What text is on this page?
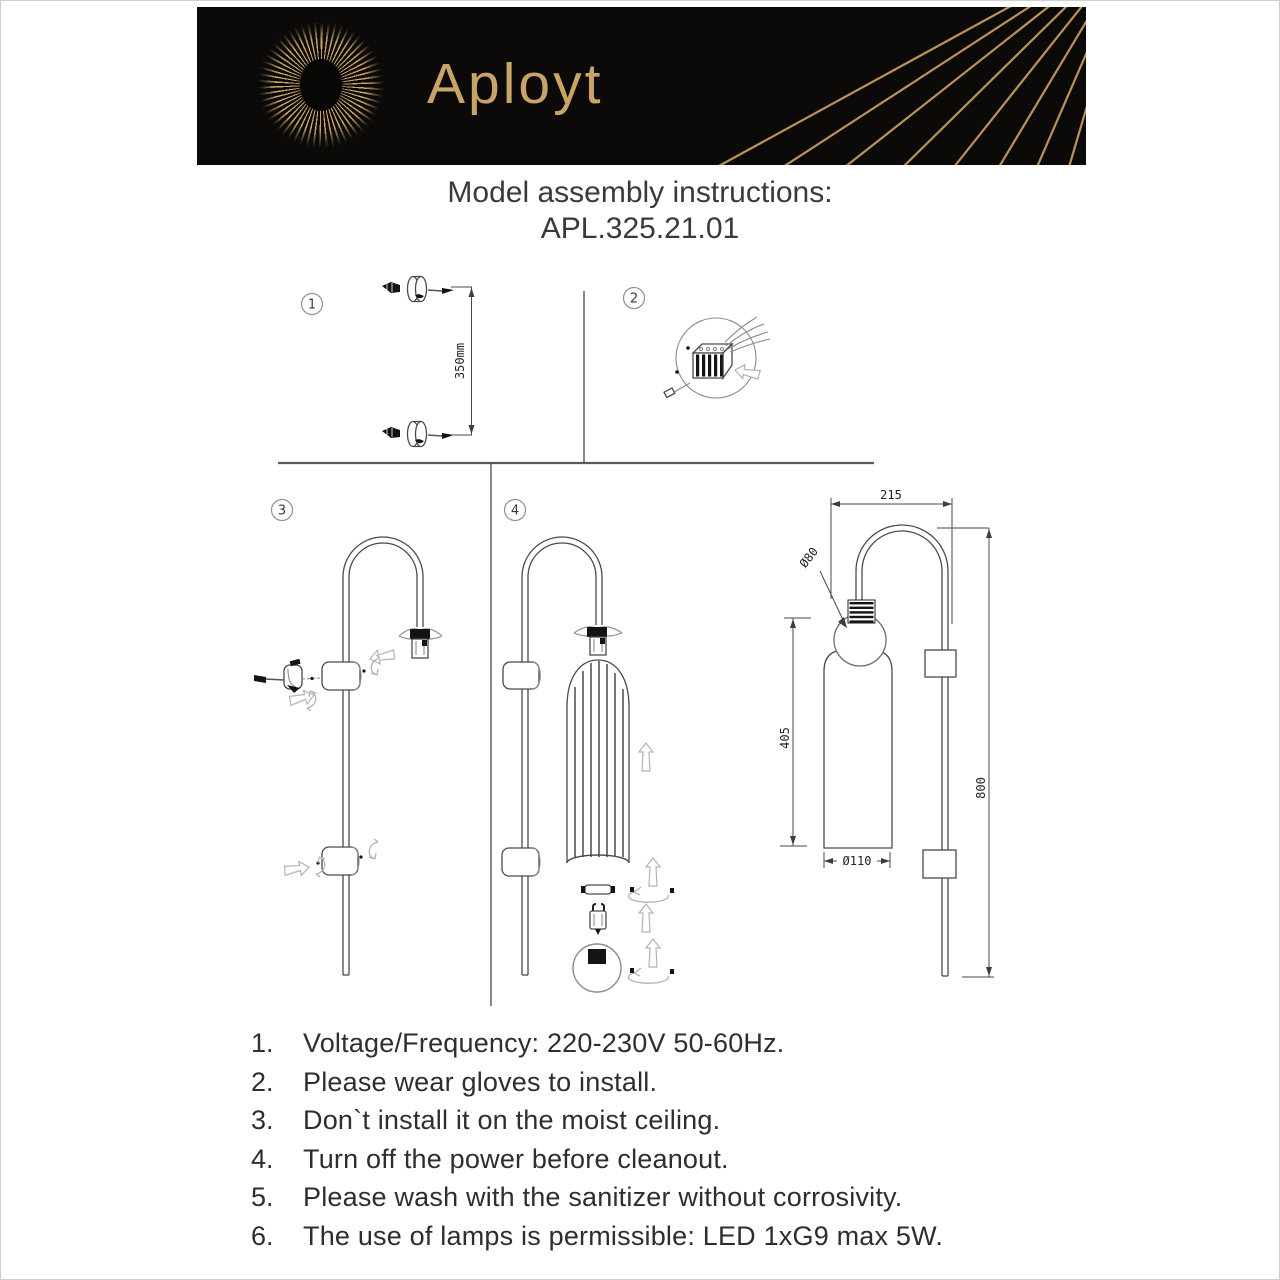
Aployt
Model assembly instructions:
APL.325.21.01
1
350mm
2
3	4
215
Ø80
405
Ø110
800
1.	Voltage/Frequency: 220-230V 50-60Hz.
2.	Please wear gloves to install.
3.	Don`t install it on the moist ceiling.
4.	Turn off the power before cleanout.
5.	Please wash with the sanitizer without corrosivity.
6.	The use of lamps is permissible: LED 1xG9 max 5W.
